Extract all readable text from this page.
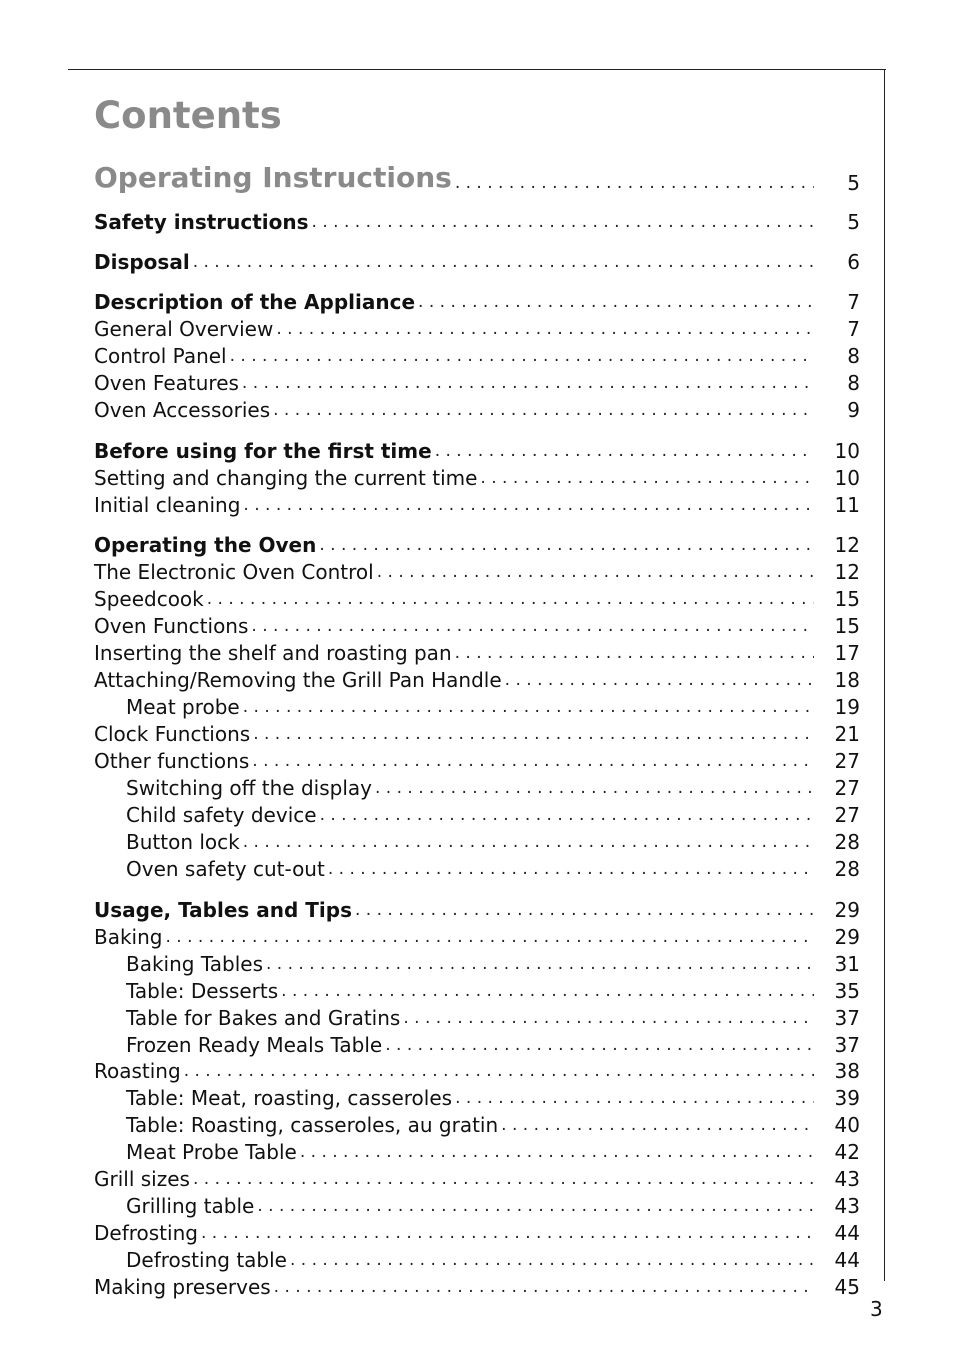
Contents
Operating Instructions . . .	5
Safety instructions . . .	5
Disposal . . .	6
Description of the Appliance . . .	7
General Overview . . .	7
Control Panel . . .	8
Oven Features . . .	8
Oven Accessories . . .	9
Before using for the first time . . .	10
Setting and changing the current time . . .	10
Initial cleaning . . .	11
Operating the Oven . . .	12
The Electronic Oven Control . . .	12
Speedcook . . .	15
Oven Functions . . .	15
Inserting the shelf and roasting pan . . .	17
Attaching/Removing the Grill Pan Handle . . .	18
Meat probe . . .	19
Clock Functions . . .	21
Other functions . . .	27
Switching off the display . . .	27
Child safety device . . .	27
Button lock . . .	28
Oven safety cut-out . . .	28
Usage, Tables and Tips . . .	29
Baking . . .	29
Baking Tables . . .	31
Table: Desserts . . .	35
Table for Bakes and Gratins . . .	37
Frozen Ready Meals Table . . .	37
Roasting . . .	38
Table: Meat, roasting, casseroles . . .	39
Table: Roasting, casseroles, au gratin . . .	40
Meat Probe Table . . .	42
Grill sizes . . .	43
Grilling table . . .	43
Defrosting . . .	44
Defrosting table . . .	44
Making preserves . . .	45
3
